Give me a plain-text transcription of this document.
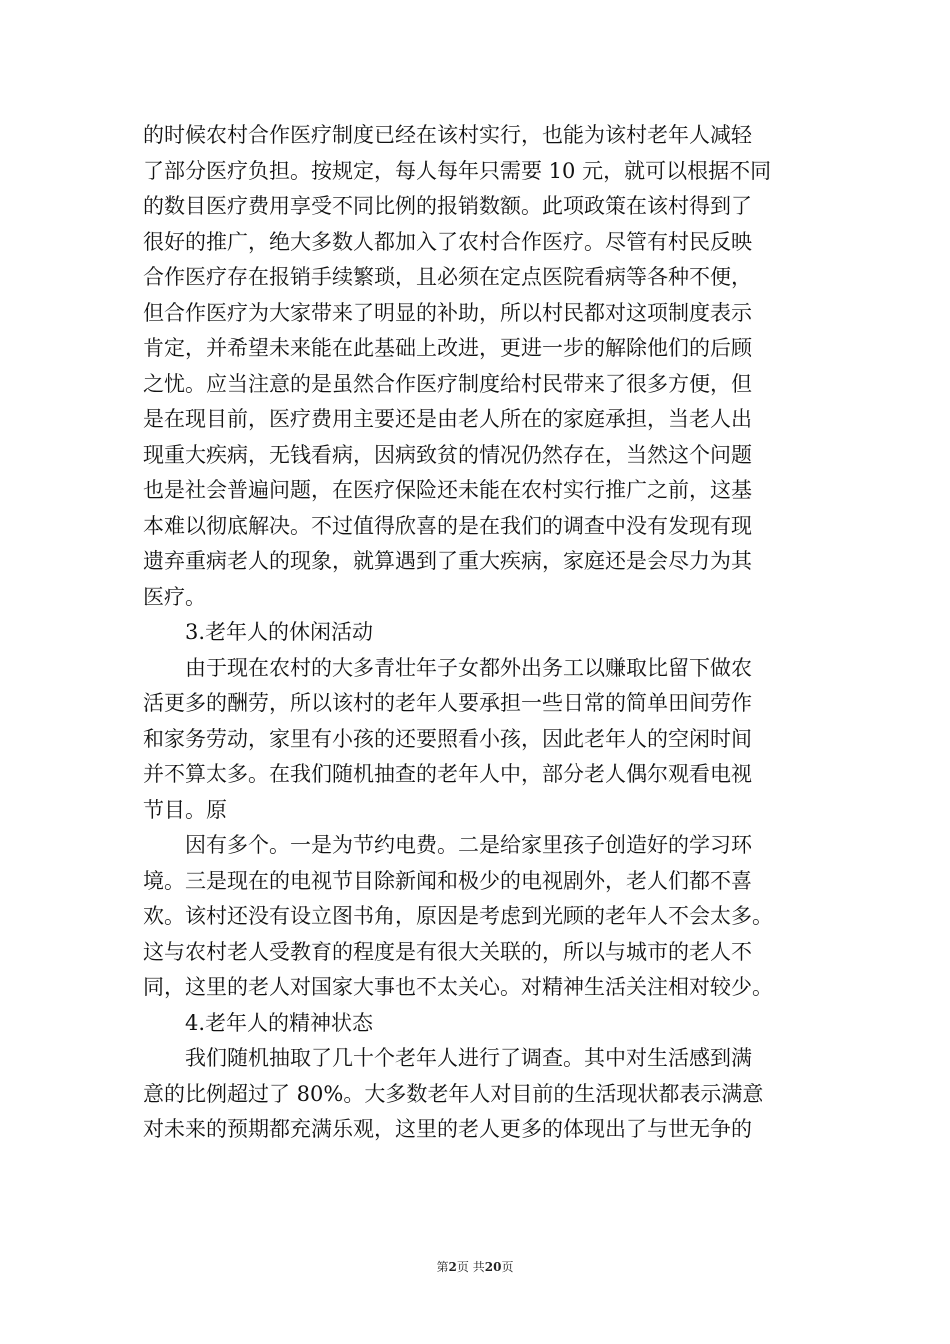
的时候农村合作医疗制度已经在该村实行，也能为该村老年人减轻
了部分医疗负担。按规定，每人每年只需要 10 元，就可以根据不同
的数目医疗费用享受不同比例的报销数额。此项政策在该村得到了
很好的推广，绝大多数人都加入了农村合作医疗。尽管有村民反映
合作医疗存在报销手续繁琐，且必须在定点医院看病等各种不便，
但合作医疗为大家带来了明显的补助，所以村民都对这项制度表示
肯定，并希望未来能在此基础上改进，更进一步的解除他们的后顾
之忧。应当注意的是虽然合作医疗制度给村民带来了很多方便，但
是在现目前，医疗费用主要还是由老人所在的家庭承担，当老人出
现重大疾病，无钱看病，因病致贫的情况仍然存在，当然这个问题
也是社会普遍问题，在医疗保险还未能在农村实行推广之前，这基
本难以彻底解决。不过值得欣喜的是在我们的调查中没有发现有现
遗弃重病老人的现象，就算遇到了重大疾病，家庭还是会尽力为其
医疗。
3.老年人的休闲活动
由于现在农村的大多青壮年子女都外出务工以赚取比留下做农
活更多的酬劳，所以该村的老年人要承担一些日常的简单田间劳作
和家务劳动，家里有小孩的还要照看小孩，因此老年人的空闲时间
并不算太多。在我们随机抽查的老年人中，部分老人偶尔观看电视
节目。原
因有多个。一是为节约电费。二是给家里孩子创造好的学习环
境。三是现在的电视节目除新闻和极少的电视剧外，老人们都不喜
欢。该村还没有设立图书角，原因是考虑到光顾的老年人不会太多。
这与农村老人受教育的程度是有很大关联的，所以与城市的老人不
同，这里的老人对国家大事也不太关心。对精神生活关注相对较少。
4.老年人的精神状态
我们随机抽取了几十个老年人进行了调查。其中对生活感到满
意的比例超过了 80%。大多数老年人对目前的生活现状都表示满意
对未来的预期都充满乐观，这里的老人更多的体现出了与世无争的
第2页 共20页
